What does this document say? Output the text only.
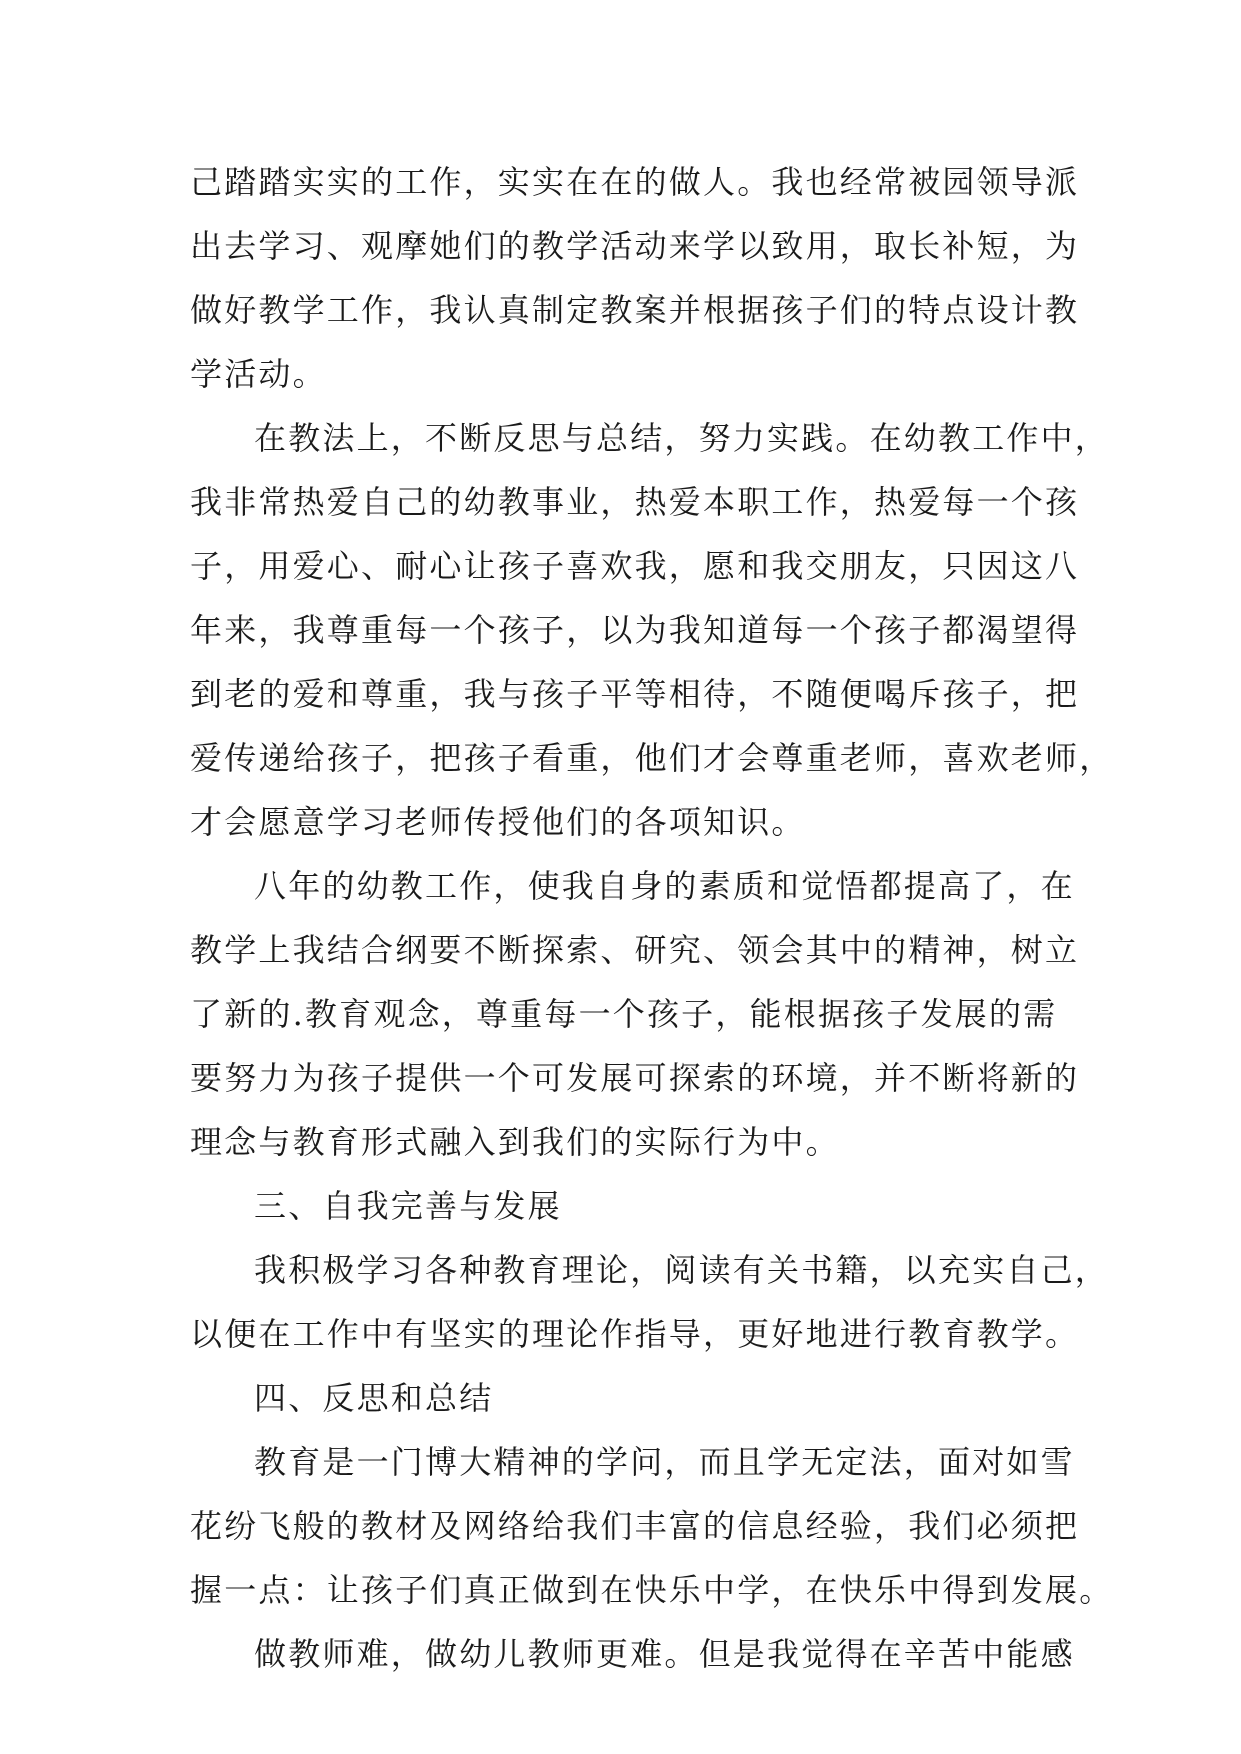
己踏踏实实的工作，实实在在的做人。我也经常被园领导派
出去学习、观摩她们的教学活动来学以致用，取长补短，为
做好教学工作，我认真制定教案并根据孩子们的特点设计教
学活动。
在教法上，不断反思与总结，努力实践。在幼教工作中，
我非常热爱自己的幼教事业，热爱本职工作，热爱每一个孩
子，用爱心、耐心让孩子喜欢我，愿和我交朋友，只因这八
年来，我尊重每一个孩子，以为我知道每一个孩子都渴望得
到老的爱和尊重，我与孩子平等相待，不随便喝斥孩子，把
爱传递给孩子，把孩子看重，他们才会尊重老师，喜欢老师，
才会愿意学习老师传授他们的各项知识。
八年的幼教工作，使我自身的素质和觉悟都提高了，在
教学上我结合纲要不断探索、研究、领会其中的精神，树立
了新的.教育观念，尊重每一个孩子，能根据孩子发展的需
要努力为孩子提供一个可发展可探索的环境，并不断将新的
理念与教育形式融入到我们的实际行为中。
三、自我完善与发展
我积极学习各种教育理论，阅读有关书籍，以充实自己，
以便在工作中有坚实的理论作指导，更好地进行教育教学。
四、反思和总结
教育是一门博大精神的学问，而且学无定法，面对如雪
花纷飞般的教材及网络给我们丰富的信息经验，我们必须把
握一点：让孩子们真正做到在快乐中学，在快乐中得到发展。
做教师难，做幼儿教师更难。但是我觉得在辛苦中能感
